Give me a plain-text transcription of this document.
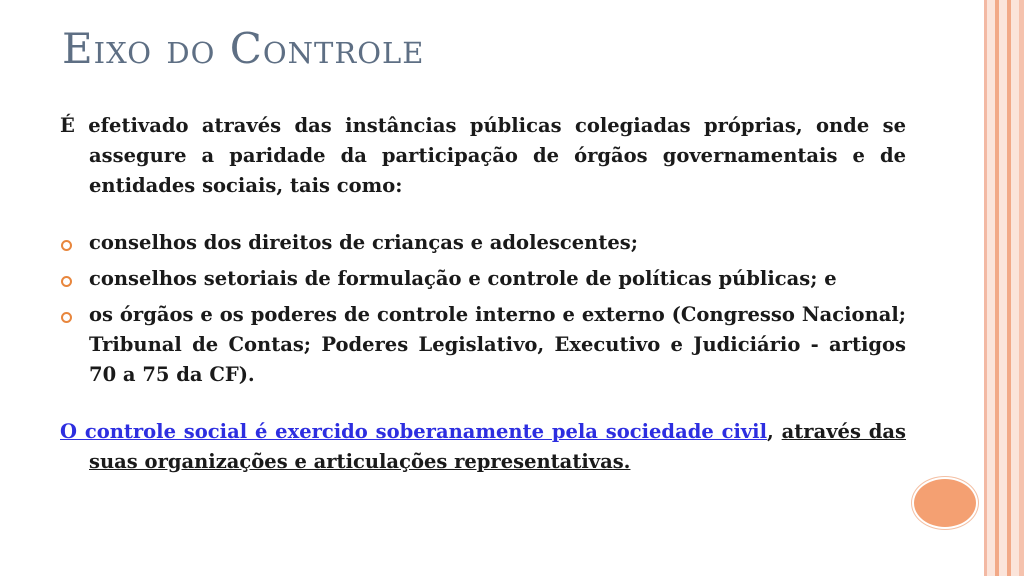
Eixo do Controle

É efetivado através das instâncias públicas colegiadas próprias, onde se assegure a paridade da participação de órgãos governamentais e de entidades sociais, tais como:

conselhos dos direitos de crianças e adolescentes;
conselhos setoriais de formulação e controle de políticas públicas; e
os órgãos e os poderes de controle interno e externo (Congresso Nacional; Tribunal de Contas; Poderes Legislativo, Executivo e Judiciário - artigos 70 a 75 da CF).

O controle social é exercido soberanamente pela sociedade civil, através das suas organizações e articulações representativas.
